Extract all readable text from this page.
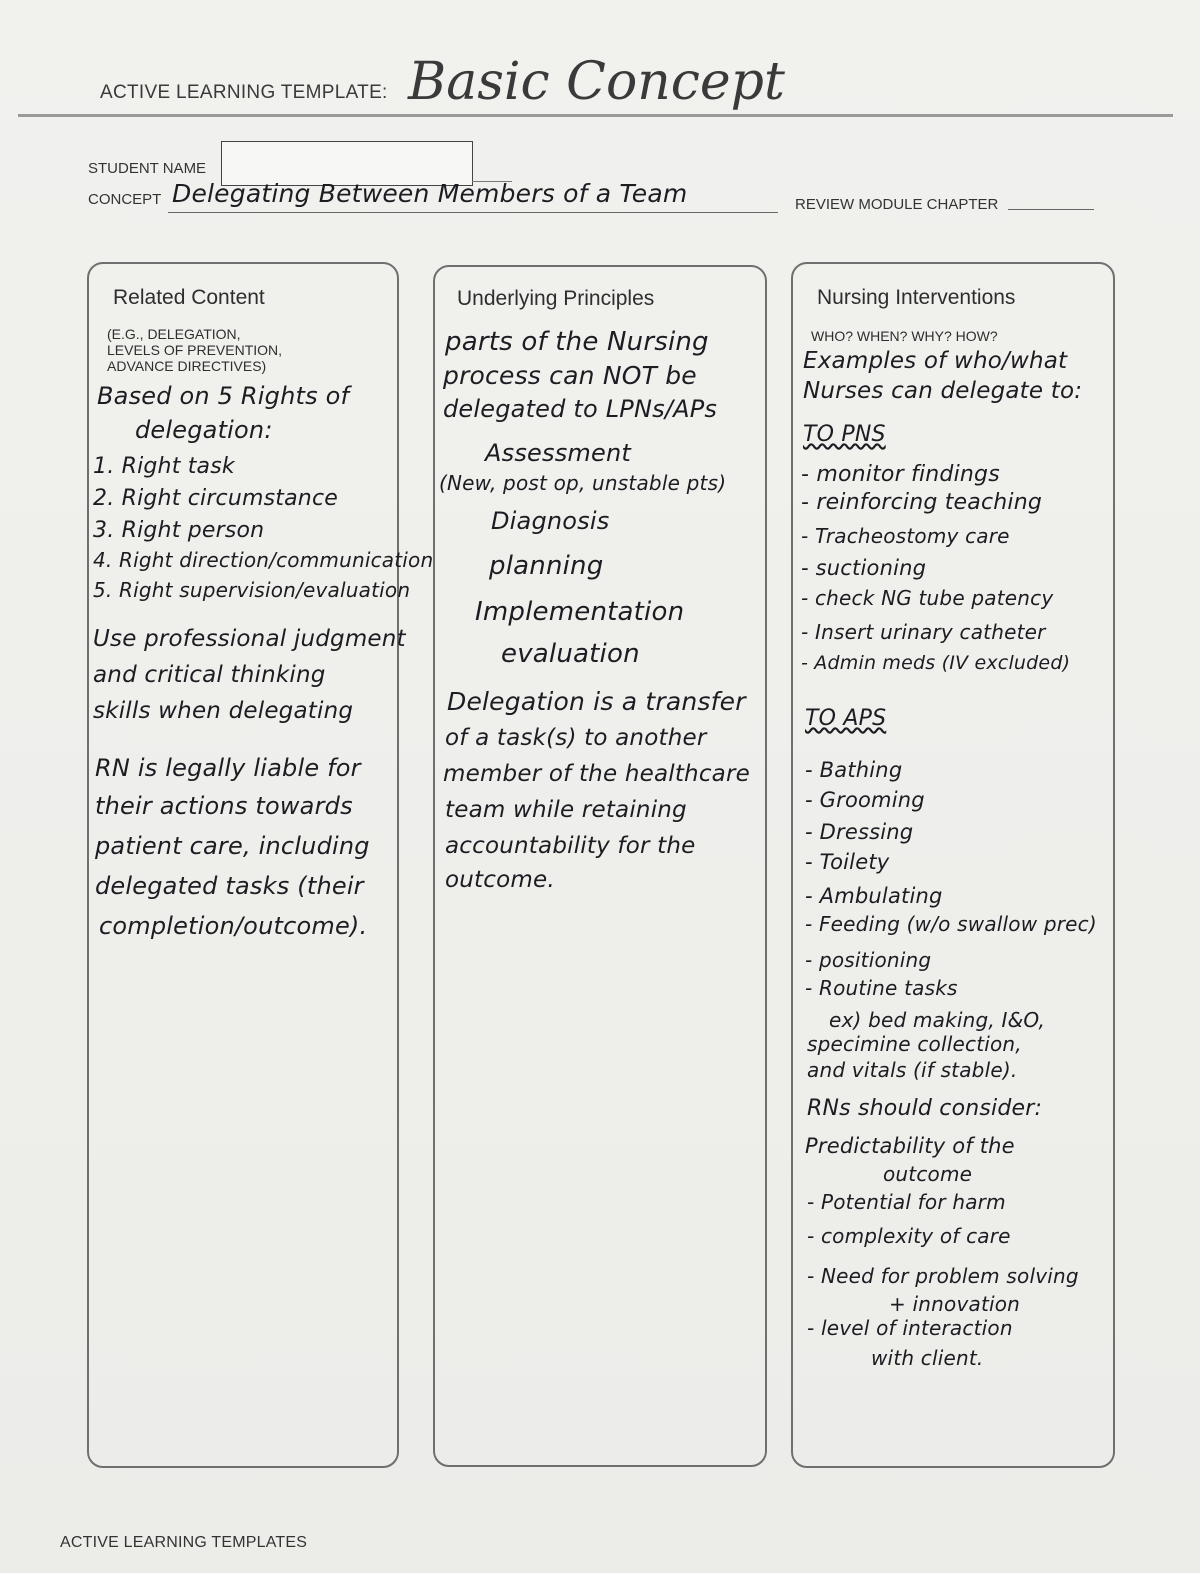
ACTIVE LEARNING TEMPLATE: Basic Concept
STUDENT NAME
CONCEPT Delegating Between Members of a Team	REVIEW MODULE CHAPTER
Related Content
(E.G., DELEGATION,
LEVELS OF PREVENTION,
ADVANCE DIRECTIVES)
Based on 5 Rights of
delegation:
1. Right task
2. Right circumstance
3. Right person
4. Right direction/communication
5. Right supervision/evaluation
Use professional judgment
and critical thinking
skills when delegating
RN is legally liable for
their actions towards
patient care, including
delegated tasks (their
completion/outcome).
Underlying Principles
parts of the Nursing
process can NOT be
delegated to LPNs/APs
Assessment
(New, post op, unstable pts)
Diagnosis
planning
Implementation
evaluation
Delegation is a transfer
of a task(s) to another
member of the healthcare
team while retaining
accountability for the
outcome.
Nursing Interventions
WHO? WHEN? WHY? HOW?
Examples of who/what
Nurses can delegate to:
TO PNS
- monitor findings
- reinforcing teaching
- Tracheostomy care
- suctioning
- check NG tube patency
- Insert urinary catheter
- Admin meds (IV excluded)
TO APS
- Bathing
- Grooming
- Dressing
- Toilety
- Ambulating
- Feeding (w/o swallow prec)
- positioning
- Routine tasks
ex) bed making, I&O,
specimine collection,
and vitals (if stable).
RNs should consider:
Predictability of the
outcome
- Potential for harm
- complexity of care
- Need for problem solving
+ innovation
- level of interaction
with client.
ACTIVE LEARNING TEMPLATES
